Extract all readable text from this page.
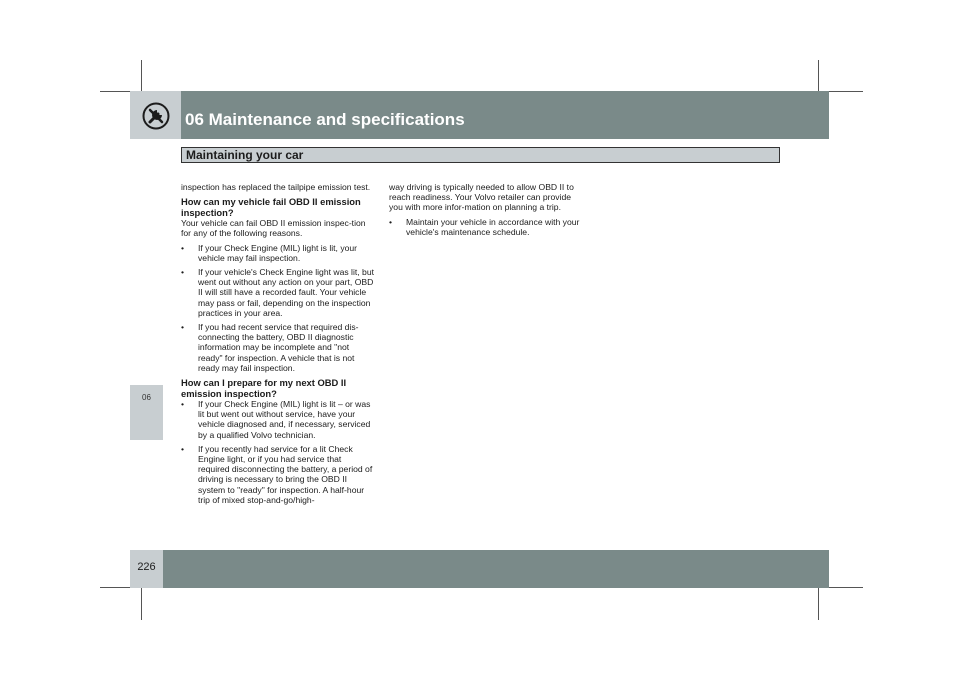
06 Maintenance and specifications
Maintaining your car
06

inspection has replaced the tailpipe emission test.

How can my vehicle fail OBD II emission inspection?

Your vehicle can fail OBD II emission inspec-tion for any of the following reasons.

• If your Check Engine (MIL) light is lit, your vehicle may fail inspection.
• If your vehicle's Check Engine light was lit, but went out without any action on your part, OBD II will still have a recorded fault. Your vehicle may pass or fail, depending on the inspection practices in your area.
• If you had recent service that required dis-connecting the battery, OBD II diagnostic information may be incomplete and "not ready" for inspection. A vehicle that is not ready may fail inspection.

How can I prepare for my next OBD II emission inspection?

• If your Check Engine (MIL) light is lit – or was lit but went out without service, have your vehicle diagnosed and, if necessary, serviced by a qualified Volvo technician.
• If you recently had service for a lit Check Engine light, or if you had service that required disconnecting the battery, a period of driving is necessary to bring the OBD II system to "ready" for inspection. A half-hour trip of mixed stop-and-go/high-

way driving is typically needed to allow OBD II to reach readiness. Your Volvo retailer can provide you with more infor-mation on planning a trip.

• Maintain your vehicle in accordance with your vehicle's maintenance schedule.
226
